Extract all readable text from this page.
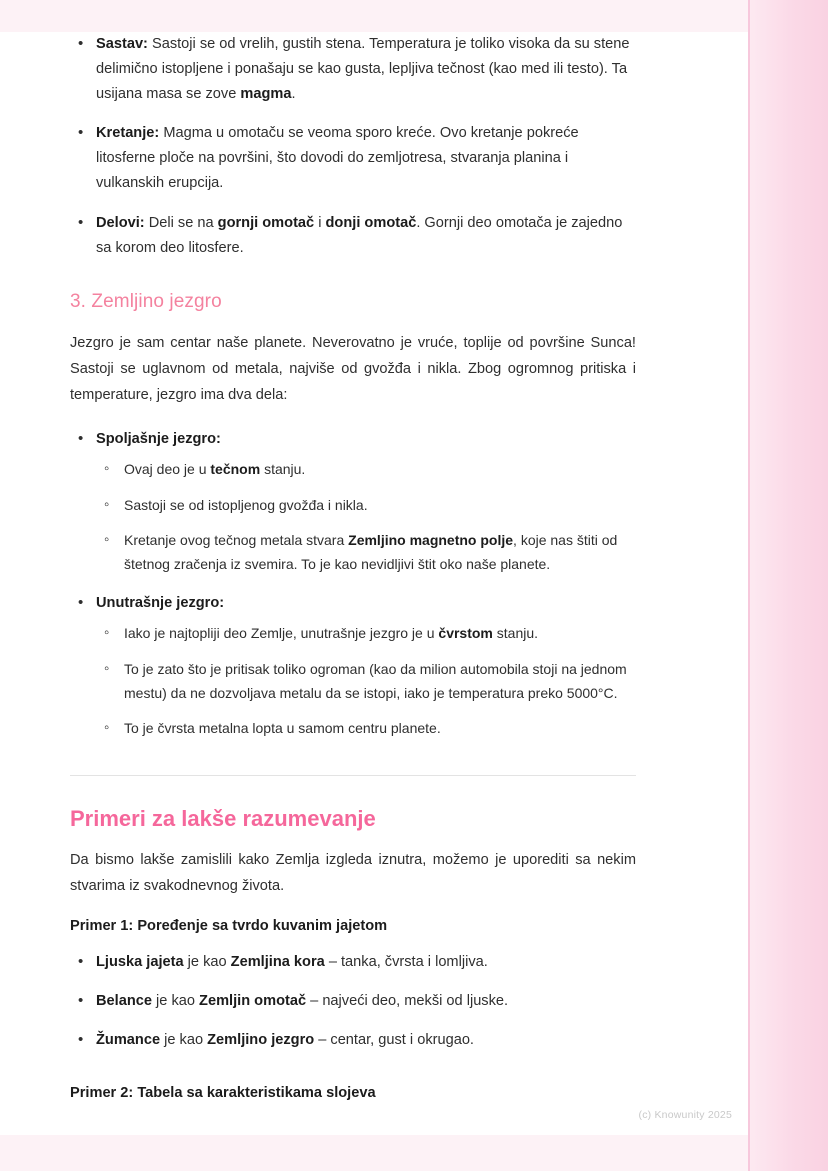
• Sastav: Sastoji se od vrelih, gustih stena. Temperatura je toliko visoka da su stene delimično istopljene i ponašaju se kao gusta, lepljiva tečnost (kao med ili testo). Ta usijana masa se zove magma.
• Kretanje: Magma u omotaču se veoma sporo kreće. Ovo kretanje pokreće litosferne ploče na površini, što dovodi do zemljotresa, stvaranja planina i vulkanskih erupcija.
• Delovi: Deli se na gornji omotač i donji omotač. Gornji deo omotača je zajedno sa korom deo litosfere.
3. Zemljino jezgro

Jezgro je sam centar naše planete. Neverovatno je vruće, toplije od površine Sunca! Sastoji se uglavnom od metala, najviše od gvožđa i nikla. Zbog ogromnog pritiska i temperature, jezgro ima dva dela:

• Spoljašnje jezgro:
◦ Ovaj deo je u tečnom stanju.
◦ Sastoji se od istopljenog gvožđa i nikla.
◦ Kretanje ovog tečnog metala stvara Zemljino magnetno polje, koje nas štiti od štetnog zračenja iz svemira. To je kao nevidljivi štit oko naše planete.
• Unutrašnje jezgro:
◦ Iako je najtopliji deo Zemlje, unutrašnje jezgro je u čvrstom stanju.
◦ To je zato što je pritisak toliko ogroman (kao da milion automobila stoji na jednom mestu) da ne dozvoljava metalu da se istopi, iako je temperatura preko 5000°C.
◦ To je čvrsta metalna lopta u samom centru planete.
Primeri za lakše razumevanje

Da bismo lakše zamislili kako Zemlja izgleda iznutra, možemo je uporediti sa nekim stvarima iz svakodnevnog života.

Primer 1: Poređenje sa tvrdo kuvanim jajetom

• Ljuska jajeta je kao Zemljina kora – tanka, čvrsta i lomljiva.
• Belance je kao Zemljin omotač – najveći deo, mekši od ljuske.
• Žumance je kao Zemljino jezgro – centar, gust i okrugao.

Primer 2: Tabela sa karakteristikama slojeva

(c) Knowunity 2025
